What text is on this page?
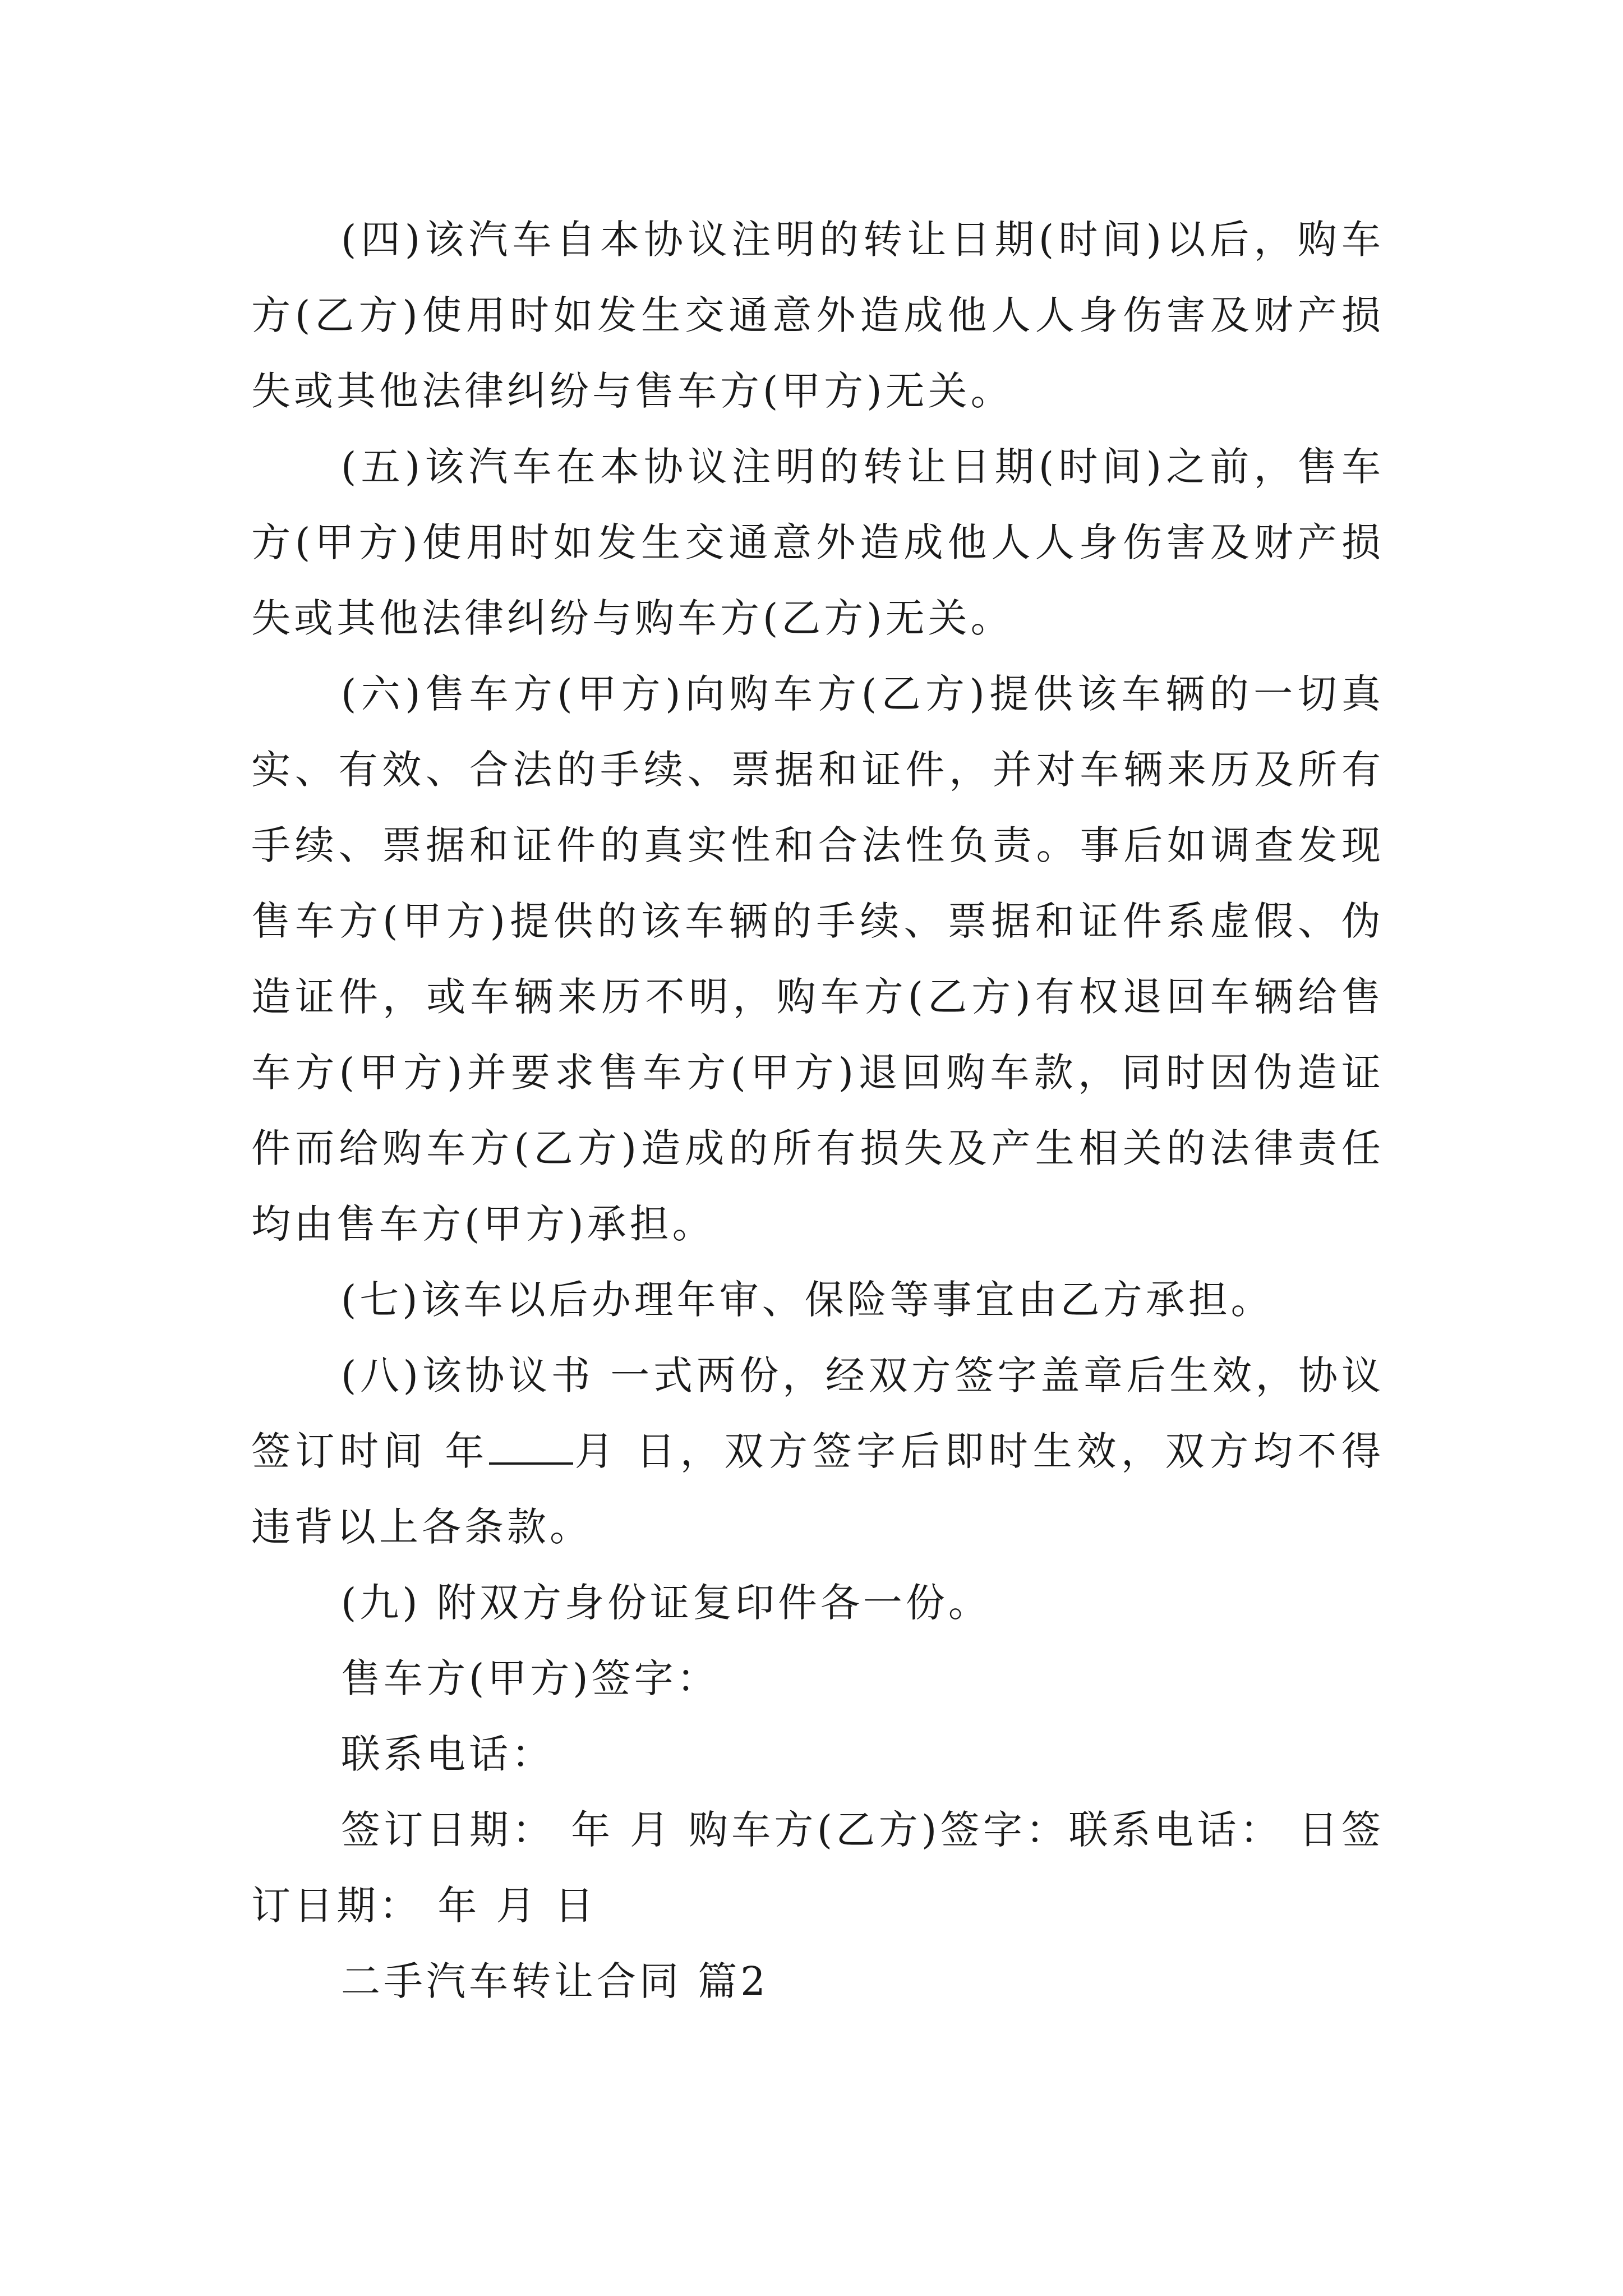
(四)该汽车自本协议注明的转让日期(时间)以后，购车方(乙方)使用时如发生交通意外造成他人人身伤害及财产损失或其他法律纠纷与售车方(甲方)无关。

(五)该汽车在本协议注明的转让日期(时间)之前，售车方(甲方)使用时如发生交通意外造成他人人身伤害及财产损失或其他法律纠纷与购车方(乙方)无关。

(六)售车方(甲方)向购车方(乙方)提供该车辆的一切真实、有效、合法的手续、票据和证件，并对车辆来历及所有手续、票据和证件的真实性和合法性负责。事后如调查发现售车方(甲方)提供的该车辆的手续、票据和证件系虚假、伪造证件，或车辆来历不明，购车方(乙方)有权退回车辆给售车方(甲方)并要求售车方(甲方)退回购车款，同时因伪造证件而给购车方(乙方)造成的所有损失及产生相关的法律责任均由售车方(甲方)承担。

(七)该车以后办理年审、保险等事宜由乙方承担。

(八)该协议书 一式两份，经双方签字盖章后生效，协议签订时间 年 月 日，双方签字后即时生效，双方均不得违背以上各条款。

(九) 附双方身份证复印件各一份。

售车方(甲方)签字：

联系电话：

签订日期： 年 月 购车方(乙方)签字：联系电话： 日签订日期： 年 月 日

二手汽车转让合同 篇2
